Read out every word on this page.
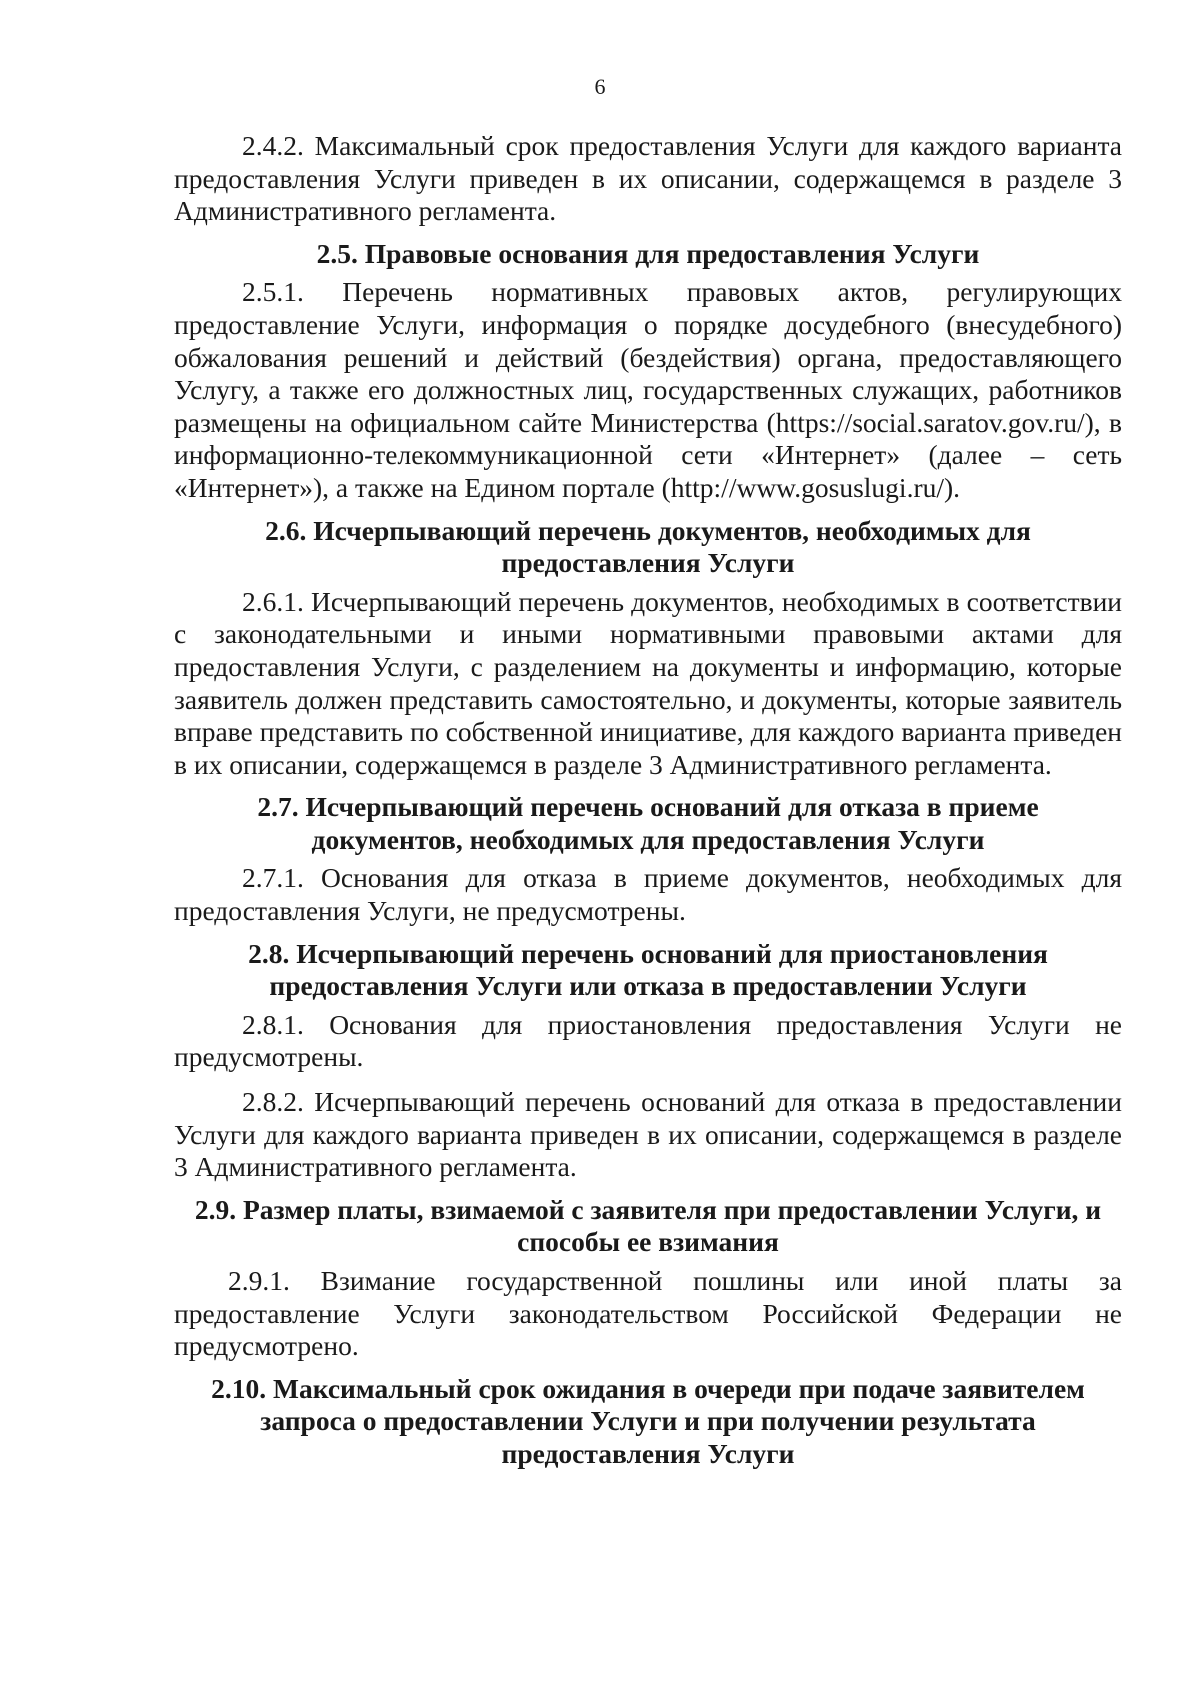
6

2.4.2. Максимальный срок предоставления Услуги для каждого варианта предоставления Услуги приведен в их описании, содержащемся в разделе 3 Административного регламента.

2.5. Правовые основания для предоставления Услуги

2.5.1. Перечень нормативных правовых актов, регулирующих предоставление Услуги, информация о порядке досудебного (внесудебного) обжалования решений и действий (бездействия) органа, предоставляющего Услугу, а также его должностных лиц, государственных служащих, работников размещены на официальном сайте Министерства (https://social.saratov.gov.ru/), в информационно-телекоммуникационной сети «Интернет» (далее – сеть «Интернет»), а также на Едином портале (http://www.gosuslugi.ru/).

2.6. Исчерпывающий перечень документов, необходимых для
предоставления Услуги

2.6.1. Исчерпывающий перечень документов, необходимых в соответствии с законодательными и иными нормативными правовыми актами для предоставления Услуги, с разделением на документы и информацию, которые заявитель должен представить самостоятельно, и документы, которые заявитель вправе представить по собственной инициативе, для каждого варианта приведен в их описании, содержащемся в разделе 3 Административного регламента.

2.7. Исчерпывающий перечень оснований для отказа в приеме
документов, необходимых для предоставления Услуги

2.7.1. Основания для отказа в приеме документов, необходимых для предоставления Услуги, не предусмотрены.

2.8. Исчерпывающий перечень оснований для приостановления
предоставления Услуги или отказа в предоставлении Услуги

2.8.1. Основания для приостановления предоставления Услуги не предусмотрены.

2.8.2. Исчерпывающий перечень оснований для отказа в предоставлении Услуги для каждого варианта приведен в их описании, содержащемся в разделе 3 Административного регламента.

2.9. Размер платы, взимаемой с заявителя при предоставлении Услуги, и
способы ее взимания

2.9.1. Взимание государственной пошлины или иной платы за предоставление Услуги законодательством Российской Федерации не предусмотрено.

2.10. Максимальный срок ожидания в очереди при подаче заявителем
запроса о предоставлении Услуги и при получении результата
предоставления Услуги
